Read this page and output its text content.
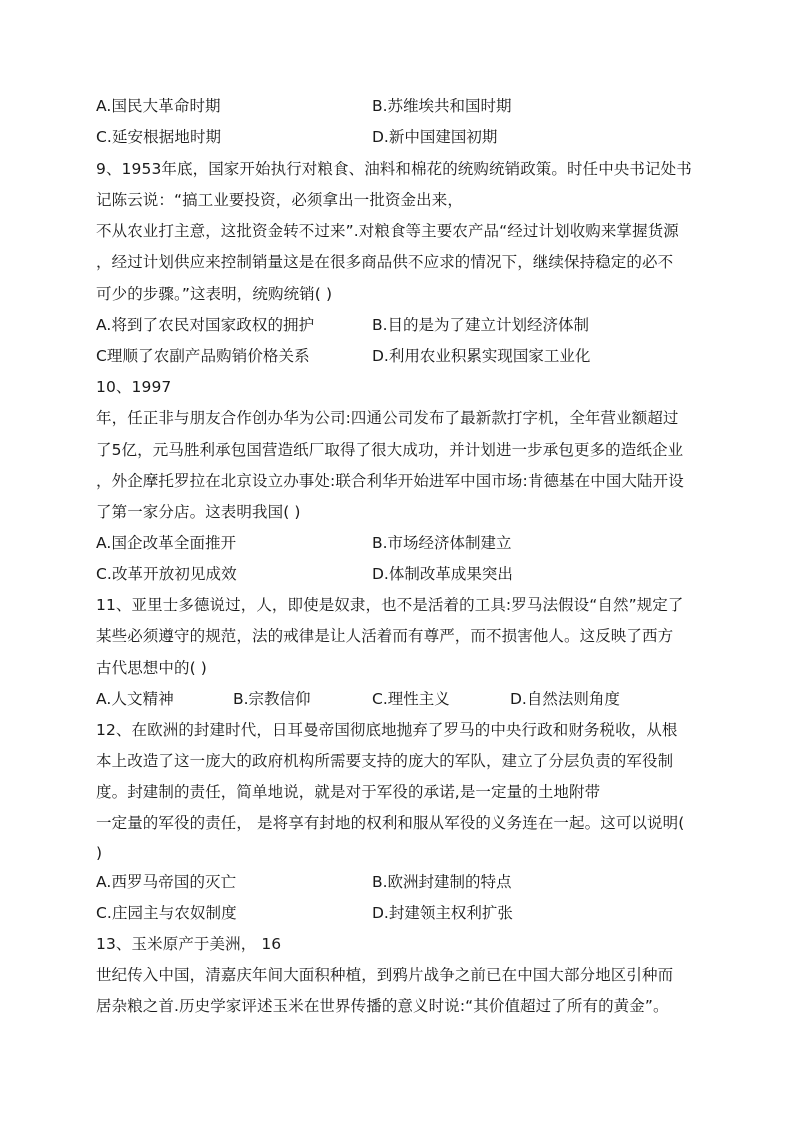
A.国民大革命时期	B.苏维埃共和国时期
C.延安根据地时期	D.新中国建国初期
9、1953年底，国家开始执行对粮食、油料和棉花的统购统销政策。时任中央书记处书
记陈云说：“搞工业要投资，必须拿出一批资金出来，
不从农业打主意，这批资金转不过来”.对粮食等主要农产品“经过计划收购来掌握货源
，经过计划供应来控制销量这是在很多商品供不应求的情况下，继续保持稳定的必不
可少的步骤。”这表明，统购统销( )
A.将到了农民对国家政权的拥护	B.目的是为了建立计划经济体制
C理顺了农副产品购销价格关系	D.利用农业积累实现国家工业化
10、1997
年，任正非与朋友合作创办华为公司:四通公司发布了最新款打字机，全年营业额超过
了5亿，元马胜利承包国营造纸厂取得了很大成功，并计划进一步承包更多的造纸企业
，外企摩托罗拉在北京设立办事处:联合利华开始进军中国市场:肯德基在中国大陆开设
了第一家分店。这表明我国( )
A.国企改革全面推开	B.市场经济体制建立
C.改革开放初见成效	D.体制改革成果突出
11、亚里士多德说过，人，即使是奴隶，也不是活着的工具:罗马法假设“自然”规定了
某些必须遵守的规范，法的戒律是让人活着而有尊严，而不损害他人。这反映了西方
古代思想中的( )
A.人文精神	B.宗教信仰	C.理性主义	D.自然法则角度
12、在欧洲的封建时代，日耳曼帝国彻底地抛弃了罗马的中央行政和财务税收，从根
本上改造了这一庞大的政府机构所需要支持的庞大的军队，建立了分层负责的军役制
度。封建制的责任，简单地说，就是对于军役的承诺,是一定量的土地附带
一定量的军役的责任， 是将享有封地的权利和服从军役的义务连在一起。这可以说明(
)
A.西罗马帝国的灭亡	B.欧洲封建制的特点
C.庄园主与农奴制度	D.封建领主权利扩张
13、玉米原产于美洲， 16
世纪传入中国，清嘉庆年间大面积种植，到鸦片战争之前已在中国大部分地区引种而
居杂粮之首.历史学家评述玉米在世界传播的意义时说:“其价值超过了所有的黄金”。
